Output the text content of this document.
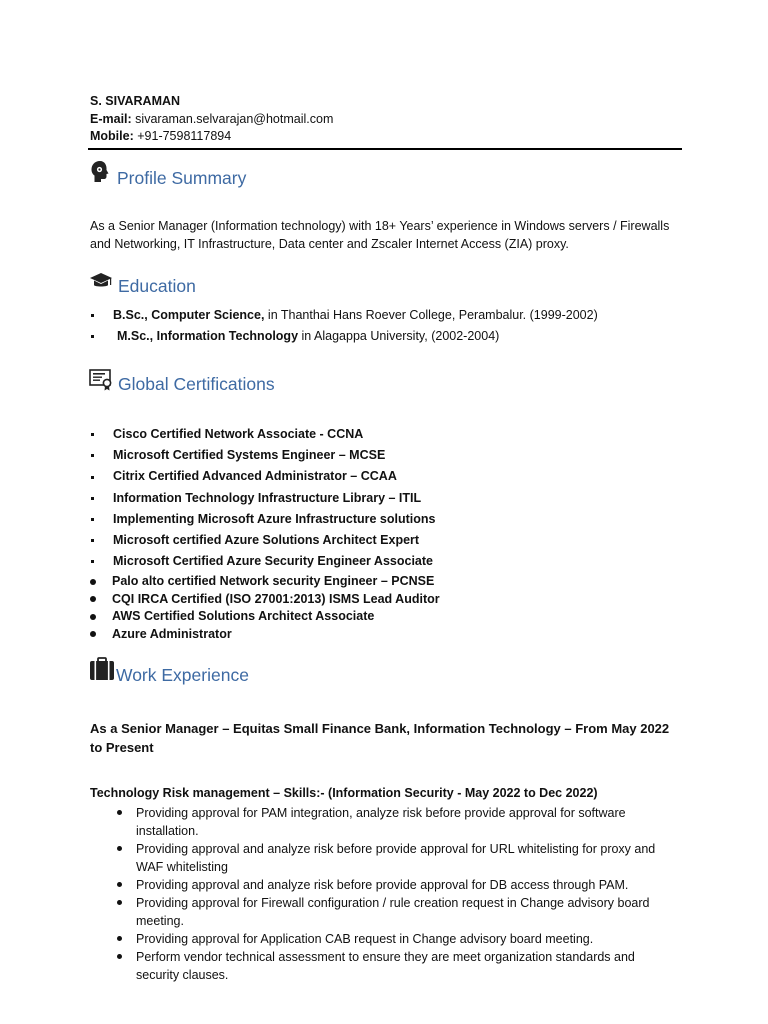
S. SIVARAMAN
E-mail: sivaraman.selvarajan@hotmail.com
Mobile: +91-7598117894
Profile Summary
As a Senior Manager (Information technology) with 18+ Years’ experience in Windows servers / Firewalls
and Networking, IT Infrastructure, Data center and Zscaler Internet Access (ZIA) proxy.
Education
B.Sc., Computer Science, in Thanthai Hans Roever College, Perambalur. (1999-2002)
M.Sc., Information Technology in Alagappa University, (2002-2004)
Global Certifications
Cisco Certified Network Associate - CCNA
Microsoft Certified Systems Engineer – MCSE
Citrix Certified Advanced Administrator – CCAA
Information Technology Infrastructure Library – ITIL
Implementing Microsoft Azure Infrastructure solutions
Microsoft certified Azure Solutions Architect Expert
Microsoft Certified Azure Security Engineer Associate
Palo alto certified Network security Engineer – PCNSE
CQI IRCA Certified (ISO 27001:2013) ISMS Lead Auditor
AWS Certified Solutions Architect Associate
Azure Administrator
Work Experience
As a Senior Manager – Equitas Small Finance Bank, Information Technology – From May 2022
to Present
Technology Risk management – Skills:- (Information Security - May 2022 to Dec 2022)
Providing approval for PAM integration, analyze risk before provide approval for software
installation.
Providing approval and analyze risk before provide approval for URL whitelisting for proxy and
WAF whitelisting
Providing approval and analyze risk before provide approval for DB access through PAM.
Providing approval for Firewall configuration / rule creation request in Change advisory board
meeting.
Providing approval for Application CAB request in Change advisory board meeting.
Perform vendor technical assessment to ensure they are meet organization standards and
security clauses.
